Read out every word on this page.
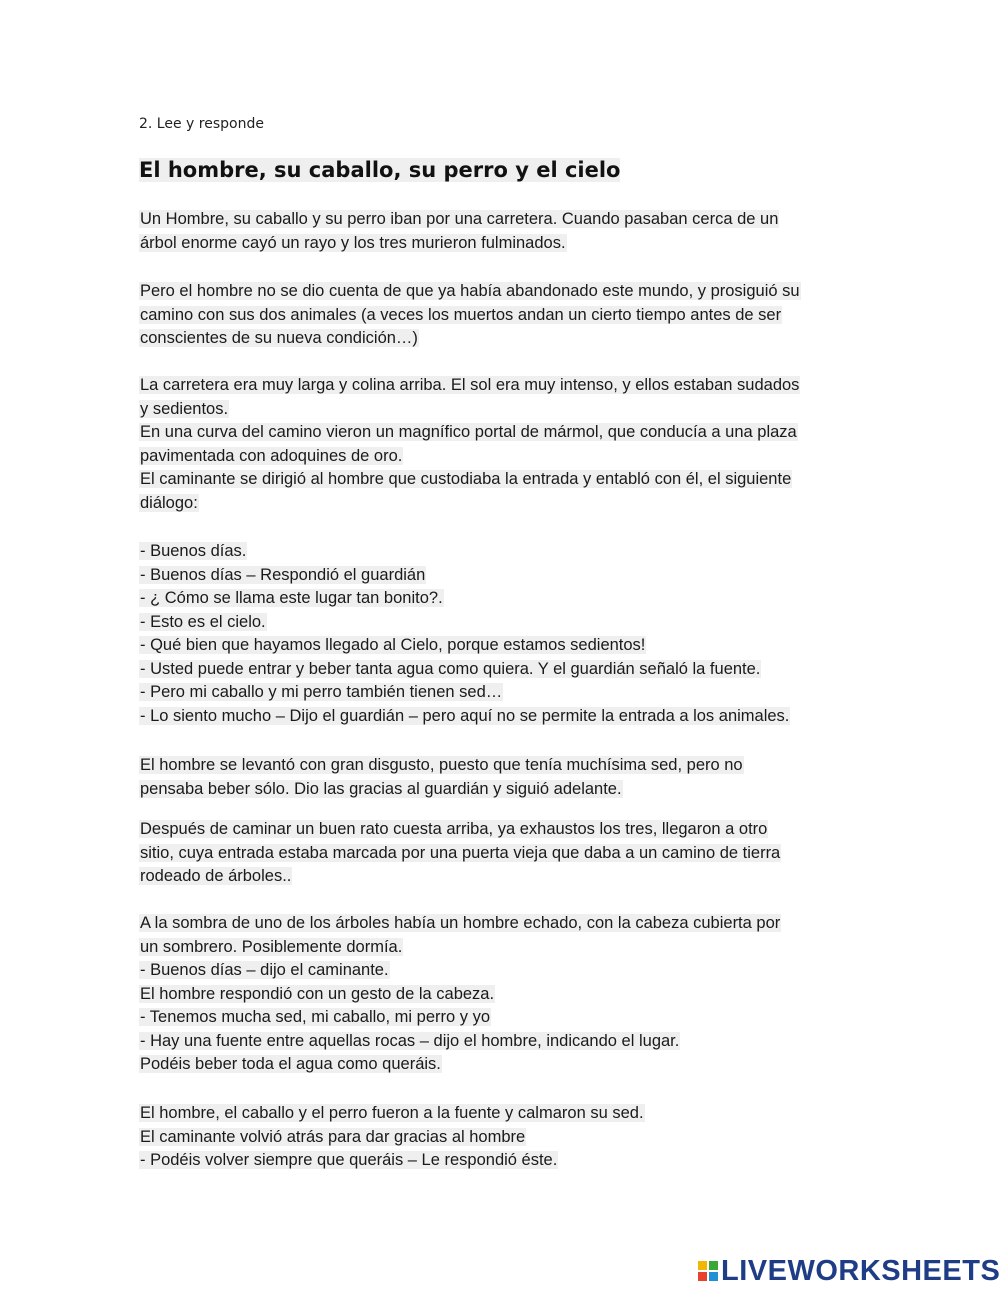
2. Lee y responde
El hombre, su caballo, su perro y el cielo
Un Hombre, su caballo y su perro iban por una carretera. Cuando pasaban cerca de un
árbol enorme cayó un rayo y los tres murieron fulminados.
Pero el hombre no se dio cuenta de que ya había abandonado este mundo, y prosiguió su
camino con sus dos animales (a veces los muertos andan un cierto tiempo antes de ser
conscientes de su nueva condición…)
La carretera era muy larga y colina arriba. El sol era muy intenso, y ellos estaban sudados
y sedientos.
En una curva del camino vieron un magnífico portal de mármol, que conducía a una plaza
pavimentada con adoquines de oro.
El caminante se dirigió al hombre que custodiaba la entrada y entabló con él, el siguiente
diálogo:
- Buenos días.
- Buenos días – Respondió el guardián
- ¿ Cómo se llama este lugar tan bonito?.
- Esto es el cielo.
- Qué bien que hayamos llegado al Cielo, porque estamos sedientos!
- Usted puede entrar y beber tanta agua como quiera. Y el guardián señaló la fuente.
- Pero mi caballo y mi perro también tienen sed…
- Lo siento mucho – Dijo el guardián – pero aquí no se permite la entrada a los animales.
El hombre se levantó con gran disgusto, puesto que tenía muchísima sed, pero no
pensaba beber sólo. Dio las gracias al guardián y siguió adelante.
Después de caminar un buen rato cuesta arriba, ya exhaustos los tres, llegaron a otro
sitio, cuya entrada estaba marcada por una puerta vieja que daba a un camino de tierra
rodeado de árboles..
A la sombra de uno de los árboles había un hombre echado, con la cabeza cubierta por
un sombrero. Posiblemente dormía.
- Buenos días – dijo el caminante.
El hombre respondió con un gesto de la cabeza.
- Tenemos mucha sed, mi caballo, mi perro y yo
- Hay una fuente entre aquellas rocas – dijo el hombre, indicando el lugar.
Podéis beber toda el agua como queráis.
El hombre, el caballo y el perro fueron a la fuente y calmaron su sed.
El caminante volvió atrás para dar gracias al hombre
- Podéis volver siempre que queráis – Le respondió éste.
LIVEWORKSHEETS
